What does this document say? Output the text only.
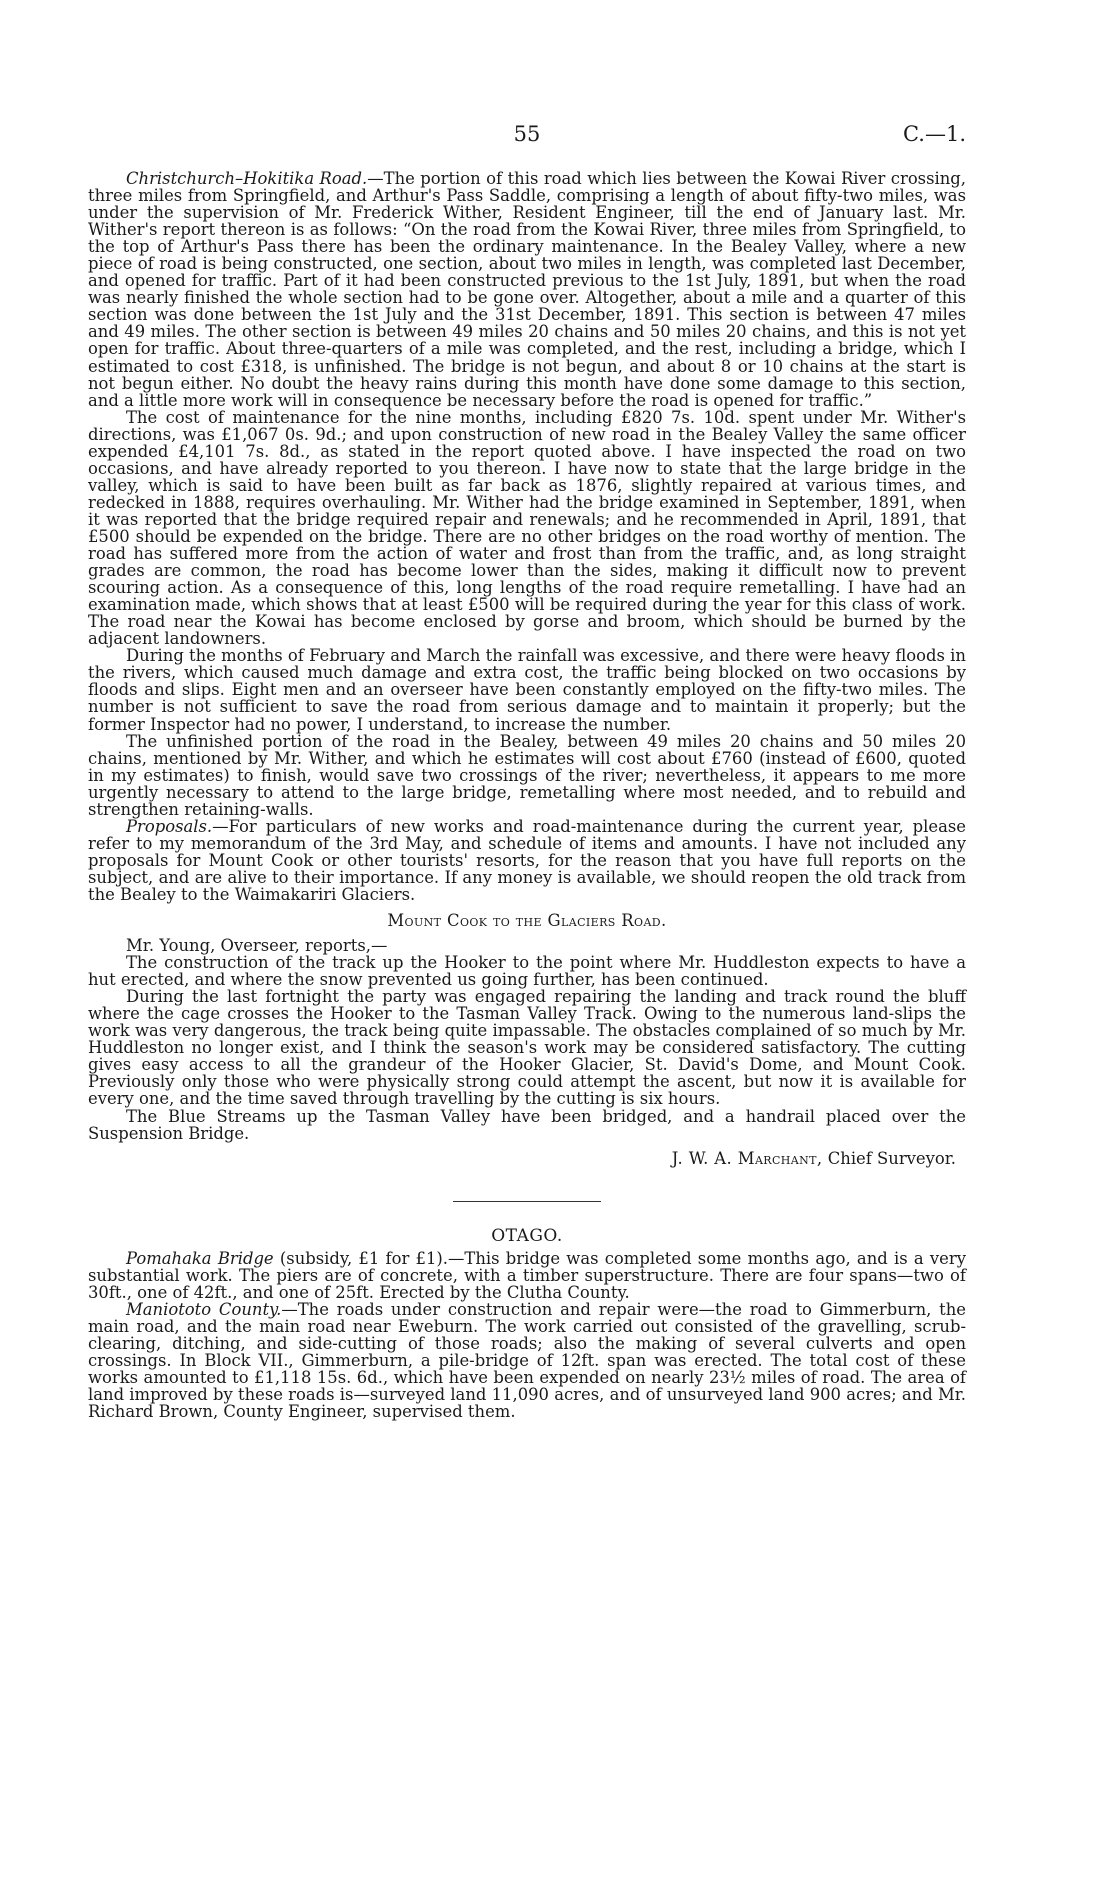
55	C.—1.

Christchurch–Hokitika Road.—The portion of this road which lies between the Kowai River crossing, three miles from Springfield, and Arthur's Pass Saddle, comprising a length of about fifty-two miles, was under the supervision of Mr. Frederick Wither, Resident Engineer, till the end of January last. Mr. Wither's report thereon is as follows: “On the road from the Kowai River, three miles from Springfield, to the top of Arthur's Pass there has been the ordinary maintenance. In the Bealey Valley, where a new piece of road is being constructed, one section, about two miles in length, was completed last December, and opened for traffic. Part of it had been constructed previous to the 1st July, 1891, but when the road was nearly finished the whole section had to be gone over. Altogether, about a mile and a quarter of this section was done between the 1st July and the 31st December, 1891. This section is between 47 miles and 49 miles. The other section is between 49 miles 20 chains and 50 miles 20 chains, and this is not yet open for traffic. About three-quarters of a mile was completed, and the rest, including a bridge, which I estimated to cost £318, is unfinished. The bridge is not begun, and about 8 or 10 chains at the start is not begun either. No doubt the heavy rains during this month have done some damage to this section, and a little more work will in consequence be necessary before the road is opened for traffic.”

The cost of maintenance for the nine months, including £820 7s. 10d. spent under Mr. Wither's directions, was £1,067 0s. 9d.; and upon construction of new road in the Bealey Valley the same officer expended £4,101 7s. 8d., as stated in the report quoted above. I have inspected the road on two occasions, and have already reported to you thereon. I have now to state that the large bridge in the valley, which is said to have been built as far back as 1876, slightly repaired at various times, and redecked in 1888, requires overhauling. Mr. Wither had the bridge examined in September, 1891, when it was reported that the bridge required repair and renewals; and he recommended in April, 1891, that £500 should be expended on the bridge. There are no other bridges on the road worthy of mention. The road has suffered more from the action of water and frost than from the traffic, and, as long straight grades are common, the road has become lower than the sides, making it difficult now to prevent scouring action. As a consequence of this, long lengths of the road require remetalling. I have had an examination made, which shows that at least £500 will be required during the year for this class of work. The road near the Kowai has become enclosed by gorse and broom, which should be burned by the adjacent landowners.

During the months of February and March the rainfall was excessive, and there were heavy floods in the rivers, which caused much damage and extra cost, the traffic being blocked on two occasions by floods and slips. Eight men and an overseer have been constantly employed on the fifty-two miles. The number is not sufficient to save the road from serious damage and to maintain it properly; but the former Inspector had no power, I understand, to increase the number.

The unfinished portion of the road in the Bealey, between 49 miles 20 chains and 50 miles 20 chains, mentioned by Mr. Wither, and which he estimates will cost about £760 (instead of £600, quoted in my estimates) to finish, would save two crossings of the river; nevertheless, it appears to me more urgently necessary to attend to the large bridge, remetalling where most needed, and to rebuild and strengthen retaining-walls.

Proposals.—For particulars of new works and road-maintenance during the current year, please refer to my memorandum of the 3rd May, and schedule of items and amounts. I have not included any proposals for Mount Cook or other tourists' resorts, for the reason that you have full reports on the subject, and are alive to their importance. If any money is available, we should reopen the old track from the Bealey to the Waimakariri Glaciers.

Mount Cook to the Glaciers Road.

Mr. Young, Overseer, reports,—

The construction of the track up the Hooker to the point where Mr. Huddleston expects to have a hut erected, and where the snow prevented us going further, has been continued.

During the last fortnight the party was engaged repairing the landing and track round the bluff where the cage crosses the Hooker to the Tasman Valley Track. Owing to the numerous land-slips the work was very dangerous, the track being quite impassable. The obstacles complained of so much by Mr. Huddleston no longer exist, and I think the season's work may be considered satisfactory. The cutting gives easy access to all the grandeur of the Hooker Glacier, St. David's Dome, and Mount Cook. Previously only those who were physically strong could attempt the ascent, but now it is available for every one, and the time saved through travelling by the cutting is six hours.

The Blue Streams up the Tasman Valley have been bridged, and a handrail placed over the Suspension Bridge.

J. W. A. Marchant, Chief Surveyor.

OTAGO.

Pomahaka Bridge (subsidy, £1 for £1).—This bridge was completed some months ago, and is a very substantial work. The piers are of concrete, with a timber superstructure. There are four spans—two of 30ft., one of 42ft., and one of 25ft. Erected by the Clutha County.

Maniototo County.—The roads under construction and repair were—the road to Gimmerburn, the main road, and the main road near Eweburn. The work carried out consisted of the gravelling, scrub-clearing, ditching, and side-cutting of those roads; also the making of several culverts and open crossings. In Block VII., Gimmerburn, a pile-bridge of 12ft. span was erected. The total cost of these works amounted to £1,118 15s. 6d., which have been expended on nearly 23½ miles of road. The area of land improved by these roads is—surveyed land 11,090 acres, and of unsurveyed land 900 acres; and Mr. Richard Brown, County Engineer, supervised them.
